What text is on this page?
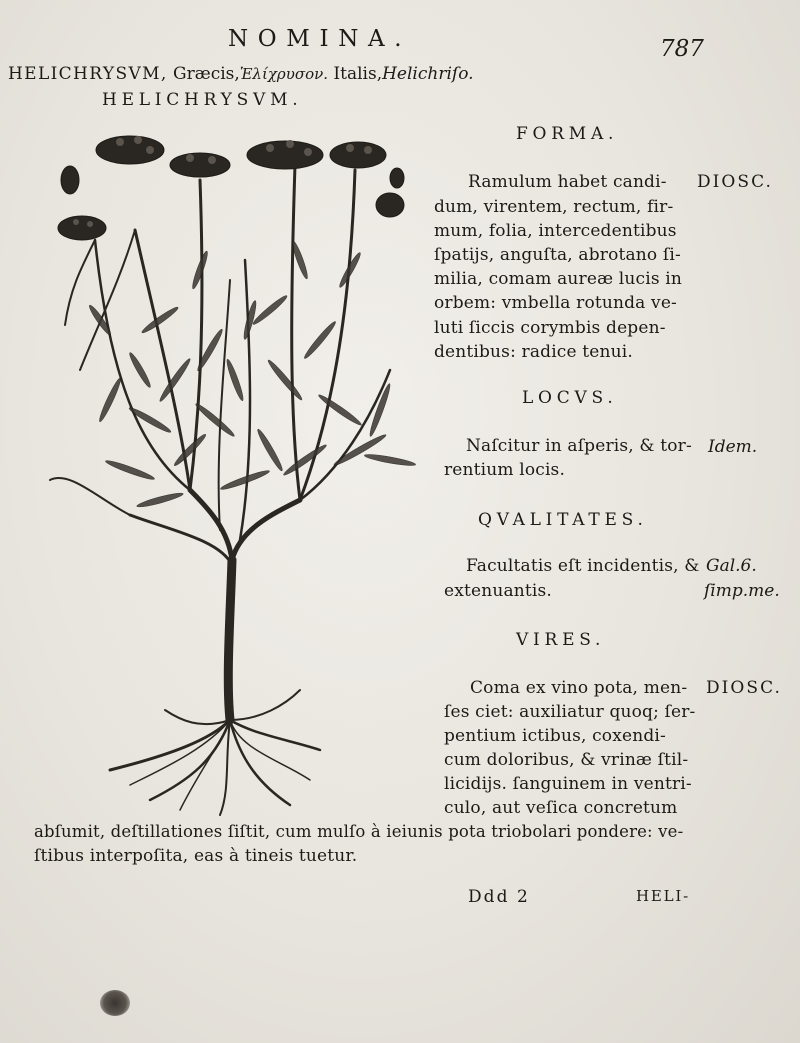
NOMINA.	787
HELICHRYSVM, Græcis,Ἑλίχρυσον. Italis,Helichriſo.
HELICHRYSVM.
FORMA.
Ramulum habet candi-
dum, virentem, rectum, fir-
mum, folia, intercedentibus
ſpatijs, anguſta, abrotano ſi-
milia, comam aureæ lucis in
orbem: vmbella rotunda ve-
luti ſiccis corymbis depen-
dentibus: radice tenui.
DIOSC.
LOCVS.
Naſcitur in aſperis, & tor-
rentium locis.
Idem.
QVALITATES.
Facultatis eſt incidentis, &
extenuantis.
Gal.6.
ſimp.me.
VIRES.
Coma ex vino pota, men-
ſes ciet: auxiliatur quoq; ſer-
pentium ictibus, coxendi-
cum doloribus, & vrinæ ſtil-
licidijs. ſanguinem in ventri-
culo, aut veſica concretum
DIOSC.
abſumit, deſtillationes ſiſtit, cum mulſo à ieiunis pota triobolari pondere: ve-
ſtibus interpoſita, eas à tineis tuetur.
Ddd 2	HELI-
